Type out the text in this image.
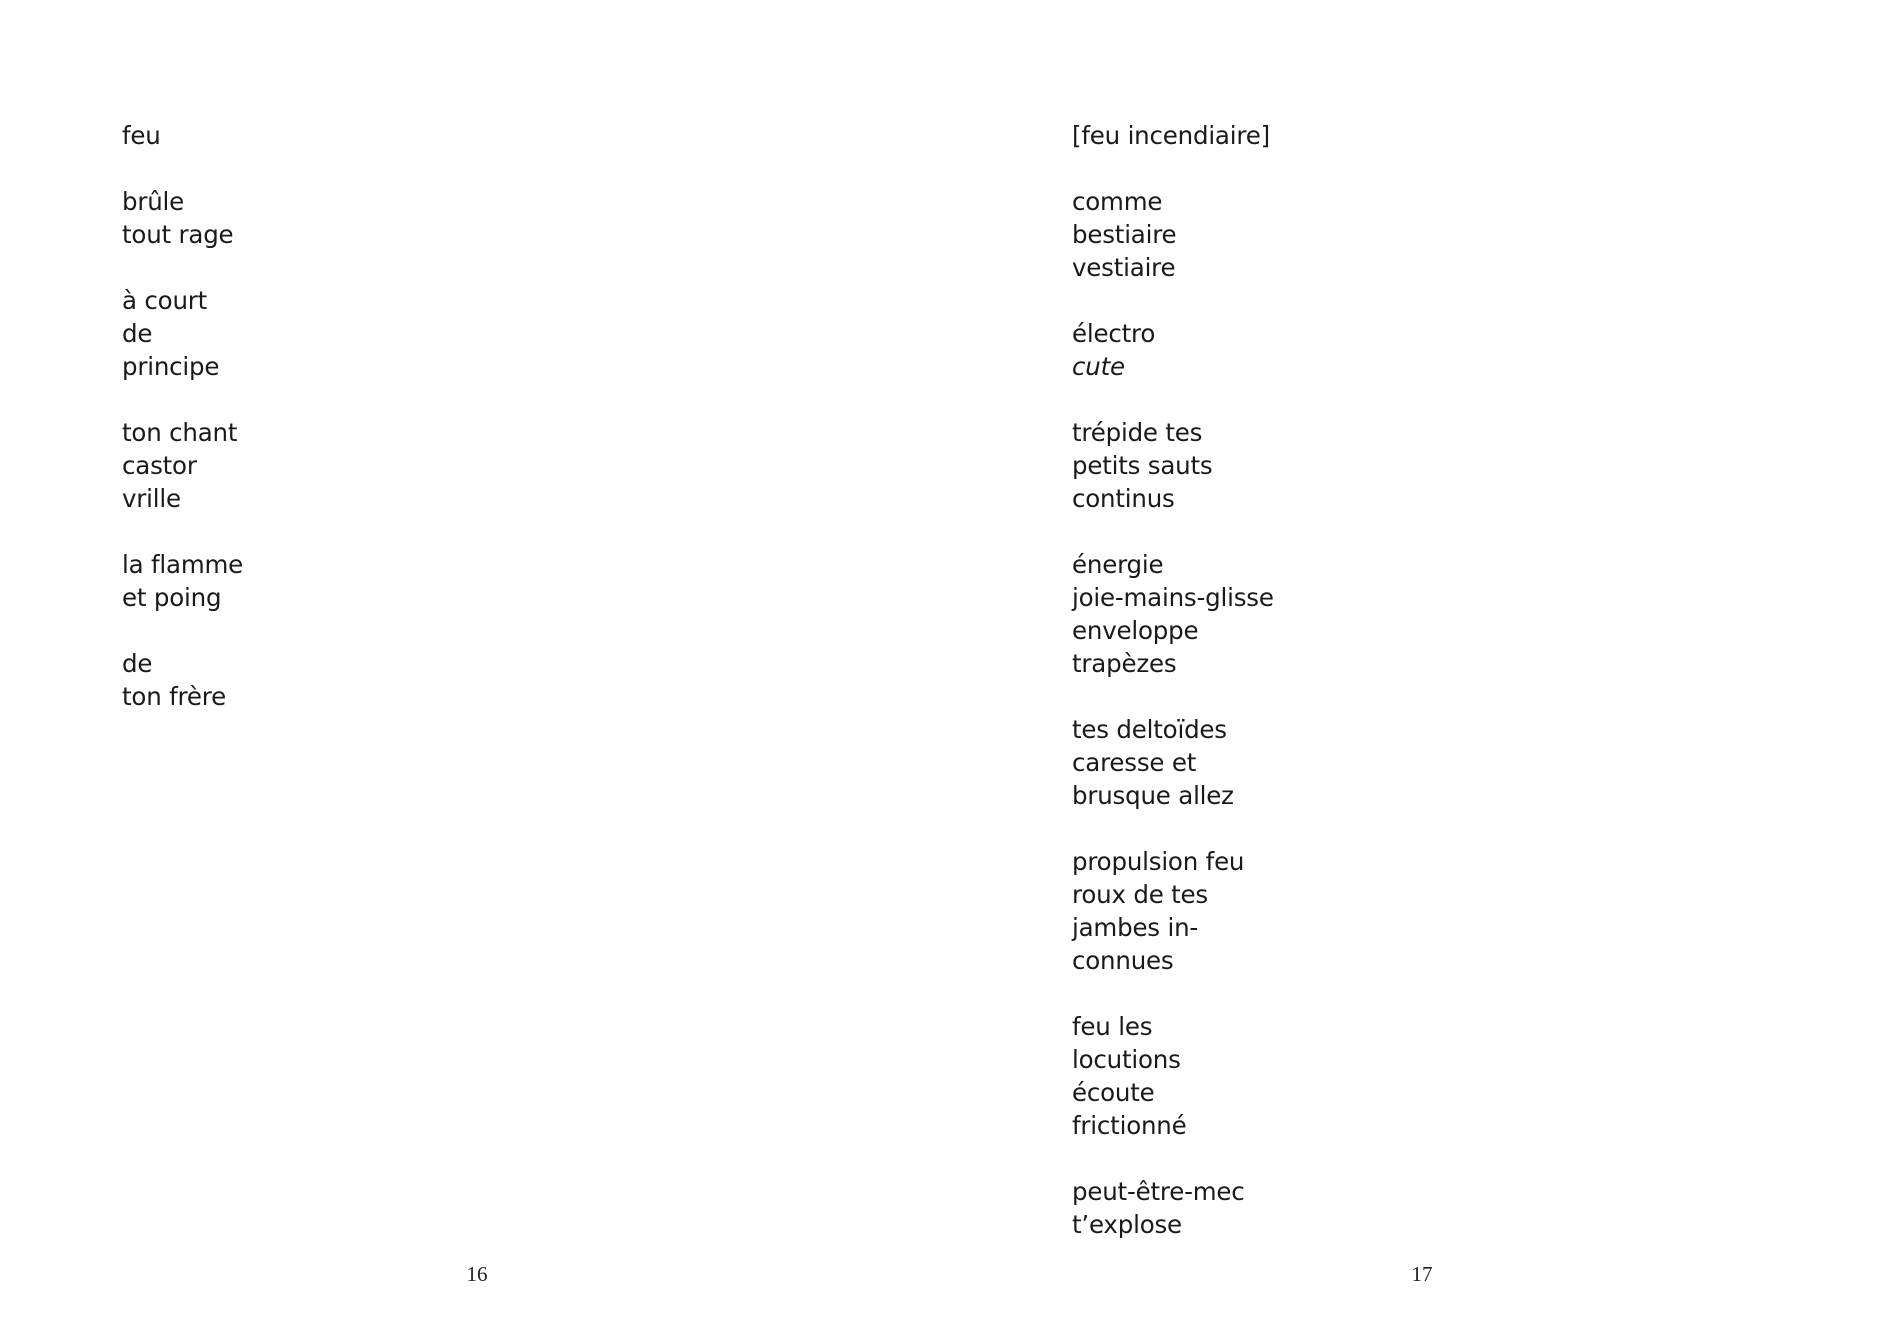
feu
brûle
tout rage
à court
de
principe
ton chant
castor
vrille
la flamme
et poing
de
ton frère
16
[feu incendiaire]
comme
bestiaire
vestiaire
électro
cute
trépide tes
petits sauts
continus
énergie
joie-mains-glisse
enveloppe
trapèzes
tes deltoïdes
caresse et
brusque allez
propulsion feu
roux de tes
jambes in-
connues
feu les
locutions
écoute
frictionné
peut-être-mec
t’explose
17
